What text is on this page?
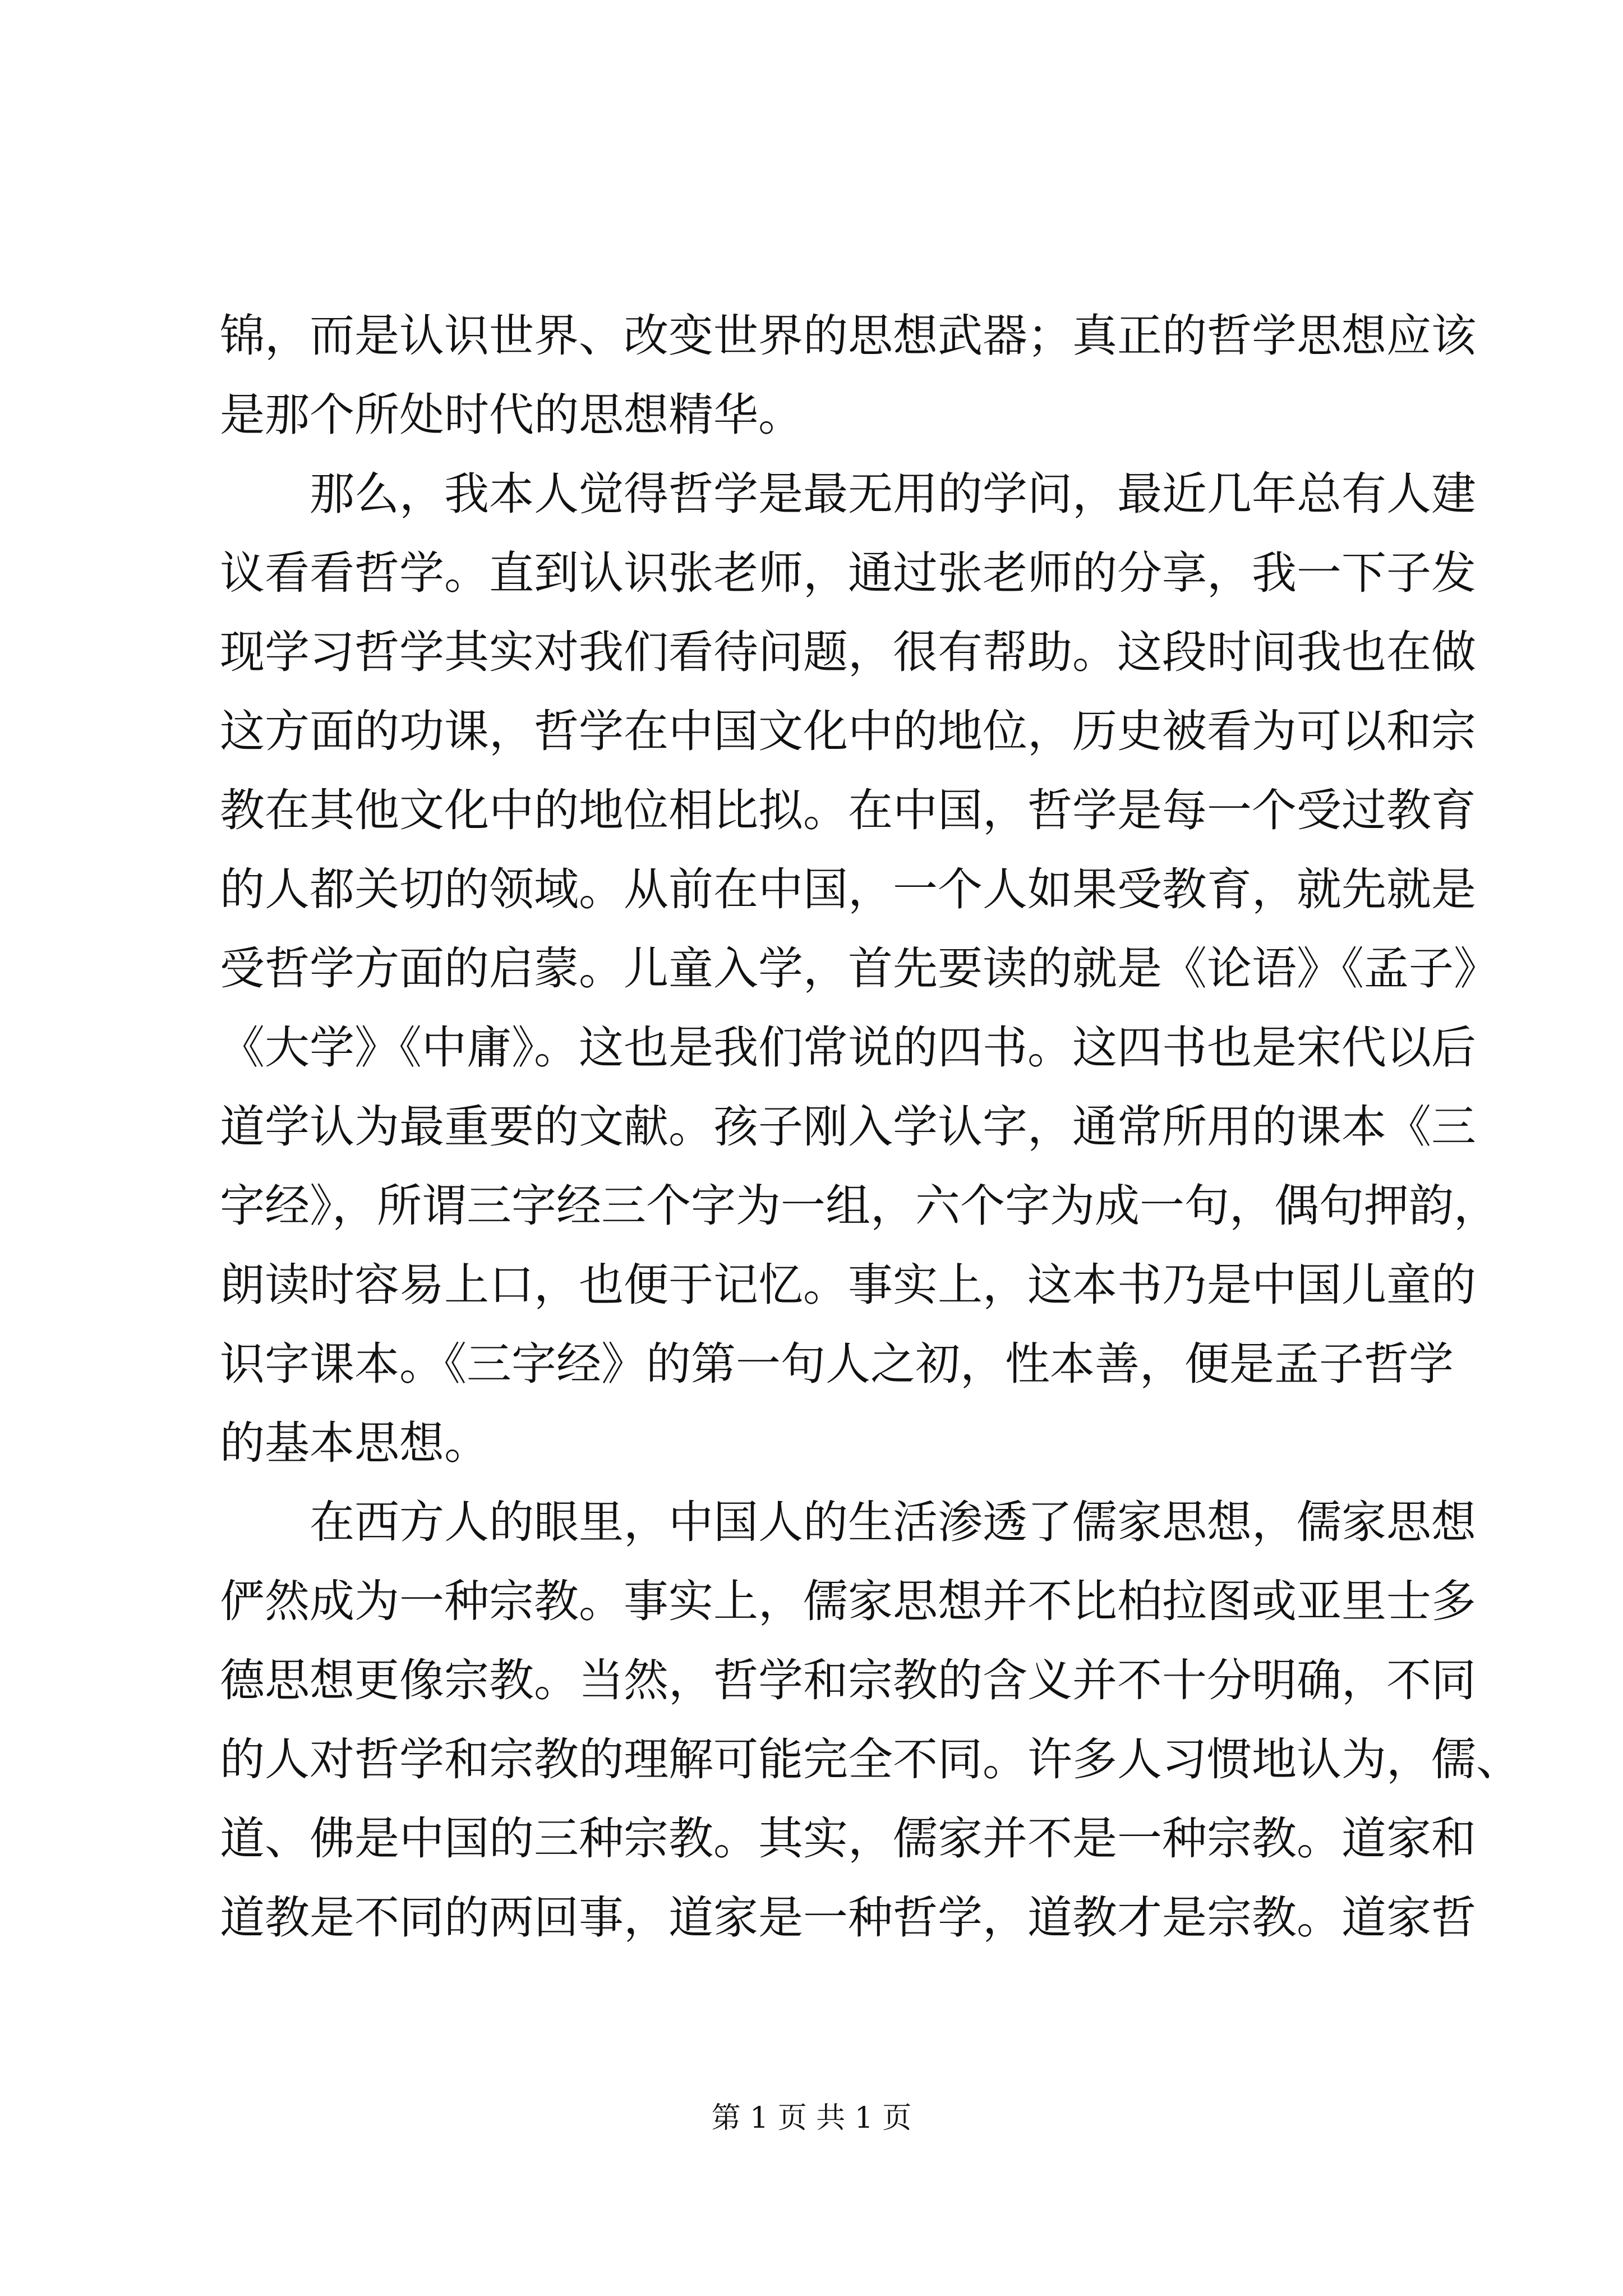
锦，而是认识世界、改变世界的思想武器；真正的哲学思想应该
是那个所处时代的思想精华。
那么，我本人觉得哲学是最无用的学问，最近几年总有人建
议看看哲学。直到认识张老师，通过张老师的分享，我一下子发
现学习哲学其实对我们看待问题，很有帮助。这段时间我也在做
这方面的功课，哲学在中国文化中的地位，历史被看为可以和宗
教在其他文化中的地位相比拟。在中国，哲学是每一个受过教育
的人都关切的领域。从前在中国，一个人如果受教育，就先就是
受哲学方面的启蒙。儿童入学，首先要读的就是《论语》《孟子》
《大学》《中庸》。这也是我们常说的四书。这四书也是宋代以后
道学认为最重要的文献。孩子刚入学认字，通常所用的课本《三
字经》，所谓三字经三个字为一组，六个字为成一句，偶句押韵，
朗读时容易上口，也便于记忆。事实上，这本书乃是中国儿童的
识字课本。《三字经》的第一句人之初，性本善，便是孟子哲学
的基本思想。
在西方人的眼里，中国人的生活渗透了儒家思想，儒家思想
俨然成为一种宗教。事实上，儒家思想并不比柏拉图或亚里士多
德思想更像宗教。当然，哲学和宗教的含义并不十分明确，不同
的人对哲学和宗教的理解可能完全不同。许多人习惯地认为，儒、
道、佛是中国的三种宗教。其实，儒家并不是一种宗教。道家和
道教是不同的两回事，道家是一种哲学，道教才是宗教。道家哲
第 1 页 共 1 页
